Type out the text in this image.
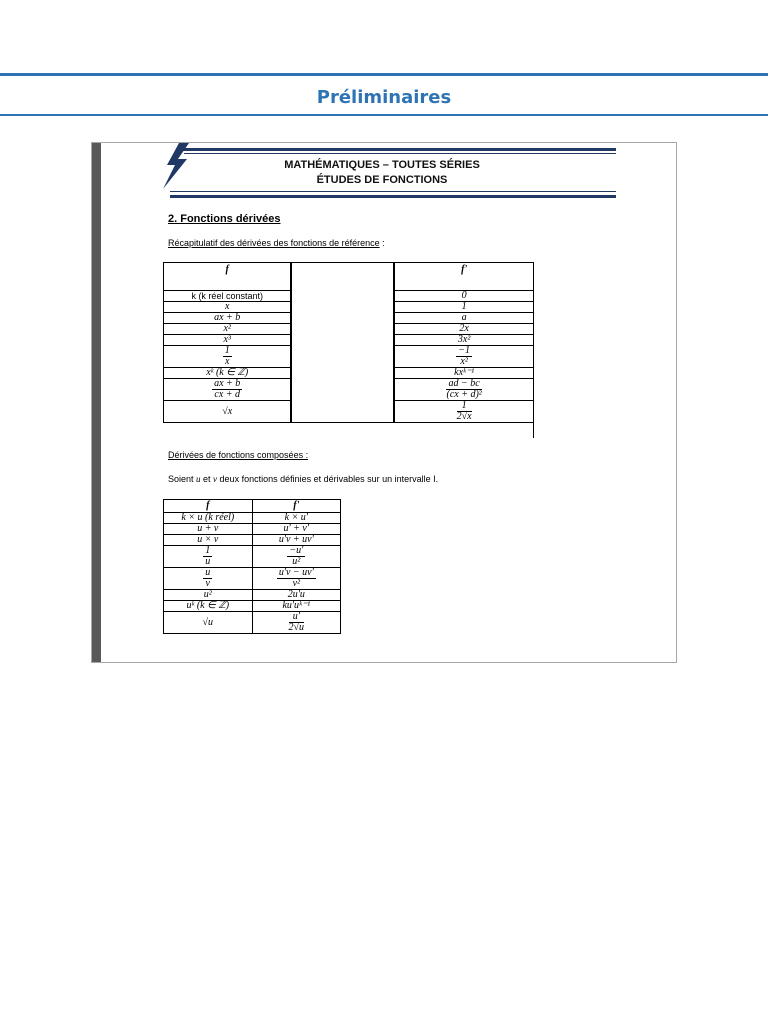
Préliminaires
MATHÉMATIQUES – TOUTES SÉRIES
ÉTUDES DE FONCTIONS
2. Fonctions dérivées
Récapitulatif des dérivées des fonctions de référence :
f		f'
k (k réel constant)		0
x		1
ax + b		a
x²		2x
x³		3x²

$\frac{1}{x}$		$\frac{-1}{\text{x²}}$

xᵏ (k ∈ ℤ)		kxᵏ⁻¹

$\frac{ax + b}{cx + d}$		$\frac{ad - bc}{\text{(cx + d)²}}$

√x		$\frac{1}{2√x}$
Dérivées de fonctions composées :
Soient u et v deux fonctions définies et dérivables sur un intervalle I.
f	f'
k × u (k réel)	k × u'
u + v	u' + v'
u × v	u'v + uv'

$\frac{1}{u}$	$\frac{-u'}{\text{u²}}$

$\frac{u}{v}$	$\frac{u'v - uv'}{\text{v²}}$

u²	2u'u
uᵏ (k ∈ ℤ)	ku'uᵏ⁻¹
√u	$\frac{u'}{2√u}$
